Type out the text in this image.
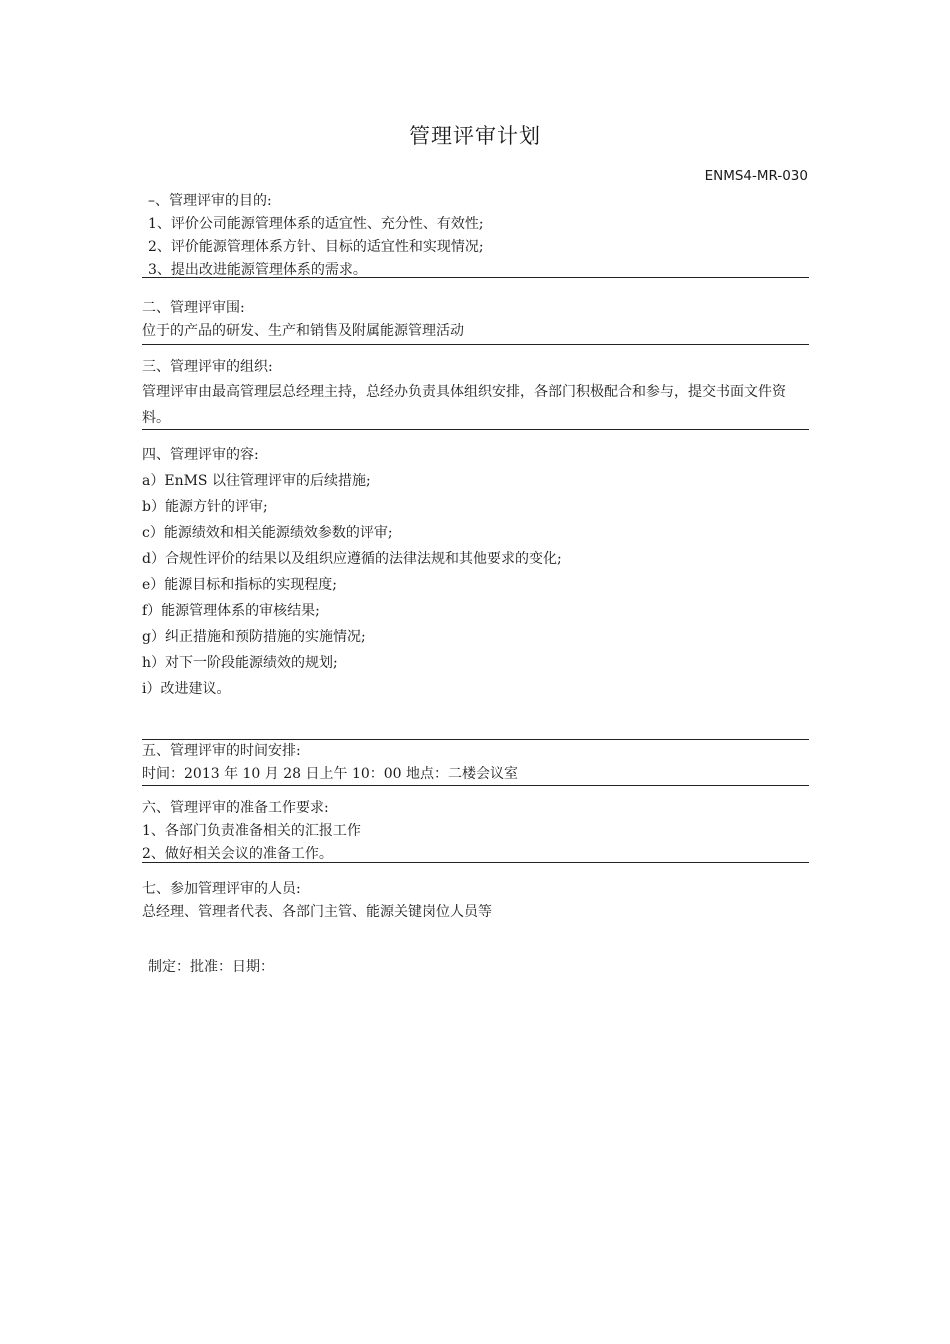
管理评审计划
ENMS4-MR-030
–、管理评审的目的:
1、评价公司能源管理体系的适宜性、充分性、有效性;
2、评价能源管理体系方针、目标的适宜性和实现情况;
3、提出改进能源管理体系的需求。
二、管理评审围:
位于的产品的研发、生产和销售及附属能源管理活动
三、管理评审的组织:
管理评审由最高管理层总经理主持，总经办负责具体组织安排，各部门积极配合和参与，提交书面文件资料。
四、管理评审的容:
a）EnMS 以往管理评审的后续措施;
b）能源方针的评审;
c）能源绩效和相关能源绩效参数的评审;
d）合规性评价的结果以及组织应遵循的法律法规和其他要求的变化;
e）能源目标和指标的实现程度;
f）能源管理体系的审核结果;
g）纠正措施和预防措施的实施情况;
h）对下一阶段能源绩效的规划;
i）改进建议。
五、管理评审的时间安排:
时间：2013 年 10 月 28 日上午 10：00 地点：二楼会议室
六、管理评审的准备工作要求:
1、各部门负责准备相关的汇报工作
2、做好相关会议的准备工作。
七、参加管理评审的人员:
总经理、管理者代表、各部门主管、能源关键岗位人员等
制定：批准：日期：
